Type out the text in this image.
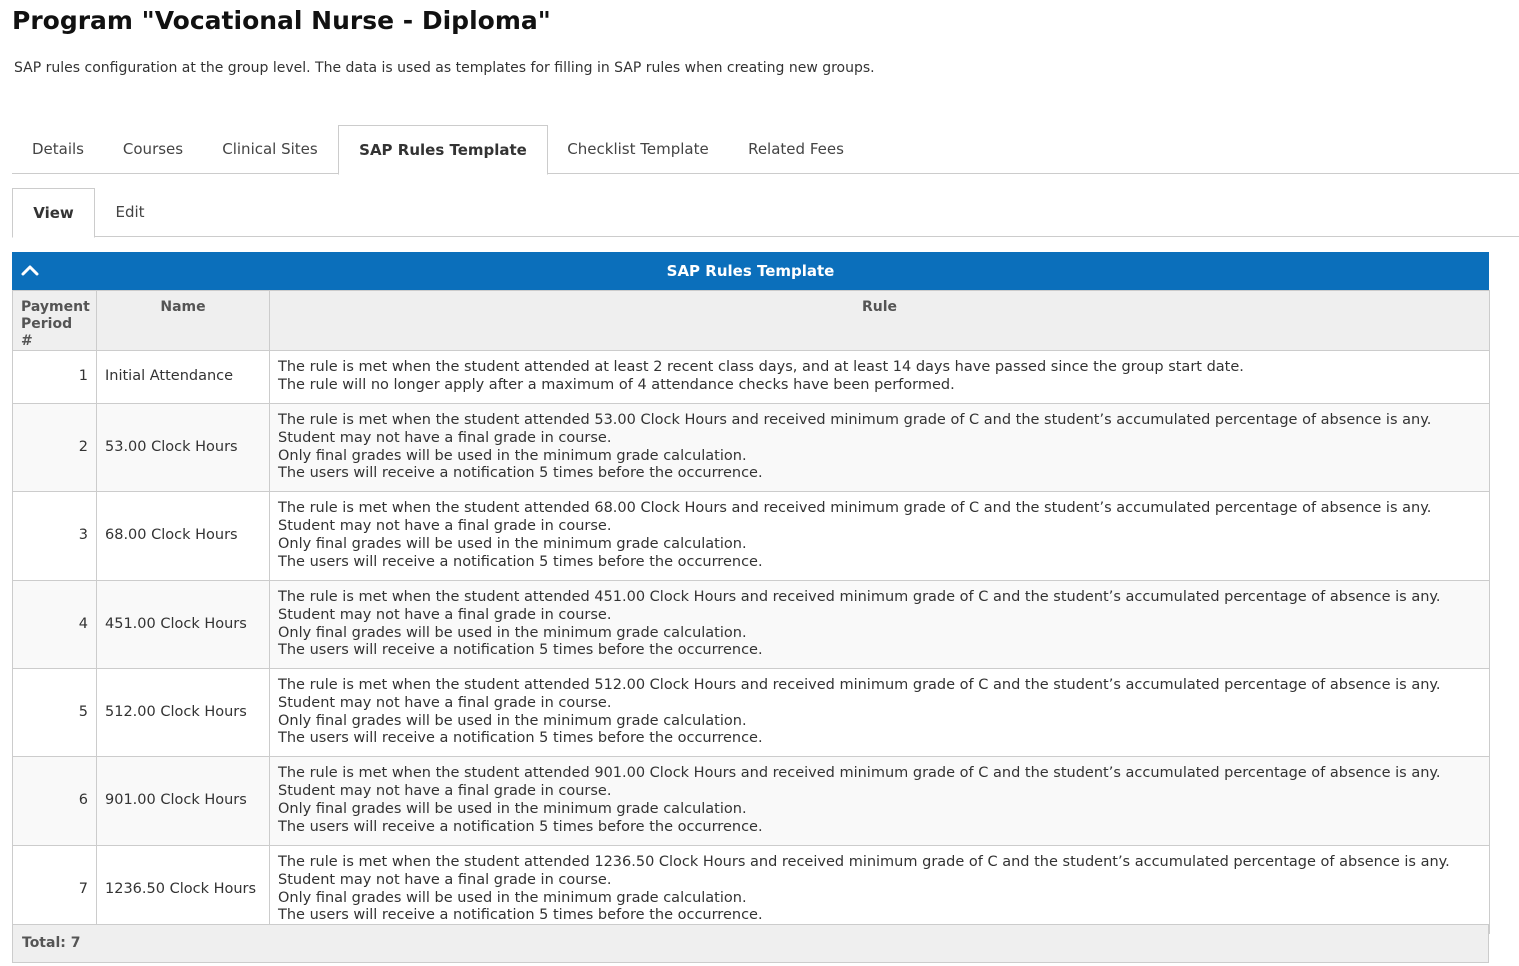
Program "Vocational Nurse - Diploma"
SAP rules configuration at the group level. The data is used as templates for filling in SAP rules when creating new groups.
Details	Courses	Clinical Sites	SAP Rules Template	Checklist Template	Related Fees
View	Edit
SAP Rules Template
Payment Period #	Name	Rule
1	Initial Attendance	The rule is met when the student attended at least 2 recent class days, and at least 14 days have passed since the group start date.
The rule will no longer apply after a maximum of 4 attendance checks have been performed.

2	53.00 Clock Hours	The rule is met when the student attended 53.00 Clock Hours and received minimum grade of C and the student’s accumulated percentage of absence is any.
Student may not have a final grade in course.
Only final grades will be used in the minimum grade calculation.
The users will receive a notification 5 times before the occurrence.

3	68.00 Clock Hours	The rule is met when the student attended 68.00 Clock Hours and received minimum grade of C and the student’s accumulated percentage of absence is any.
Student may not have a final grade in course.
Only final grades will be used in the minimum grade calculation.
The users will receive a notification 5 times before the occurrence.

4	451.00 Clock Hours	The rule is met when the student attended 451.00 Clock Hours and received minimum grade of C and the student’s accumulated percentage of absence is any.
Student may not have a final grade in course.
Only final grades will be used in the minimum grade calculation.
The users will receive a notification 5 times before the occurrence.

5	512.00 Clock Hours	The rule is met when the student attended 512.00 Clock Hours and received minimum grade of C and the student’s accumulated percentage of absence is any.
Student may not have a final grade in course.
Only final grades will be used in the minimum grade calculation.
The users will receive a notification 5 times before the occurrence.

6	901.00 Clock Hours	The rule is met when the student attended 901.00 Clock Hours and received minimum grade of C and the student’s accumulated percentage of absence is any.
Student may not have a final grade in course.
Only final grades will be used in the minimum grade calculation.
The users will receive a notification 5 times before the occurrence.

7	1236.50 Clock Hours	The rule is met when the student attended 1236.50 Clock Hours and received minimum grade of C and the student’s accumulated percentage of absence is any.
Student may not have a final grade in course.
Only final grades will be used in the minimum grade calculation.
The users will receive a notification 5 times before the occurrence.
Total: 7
